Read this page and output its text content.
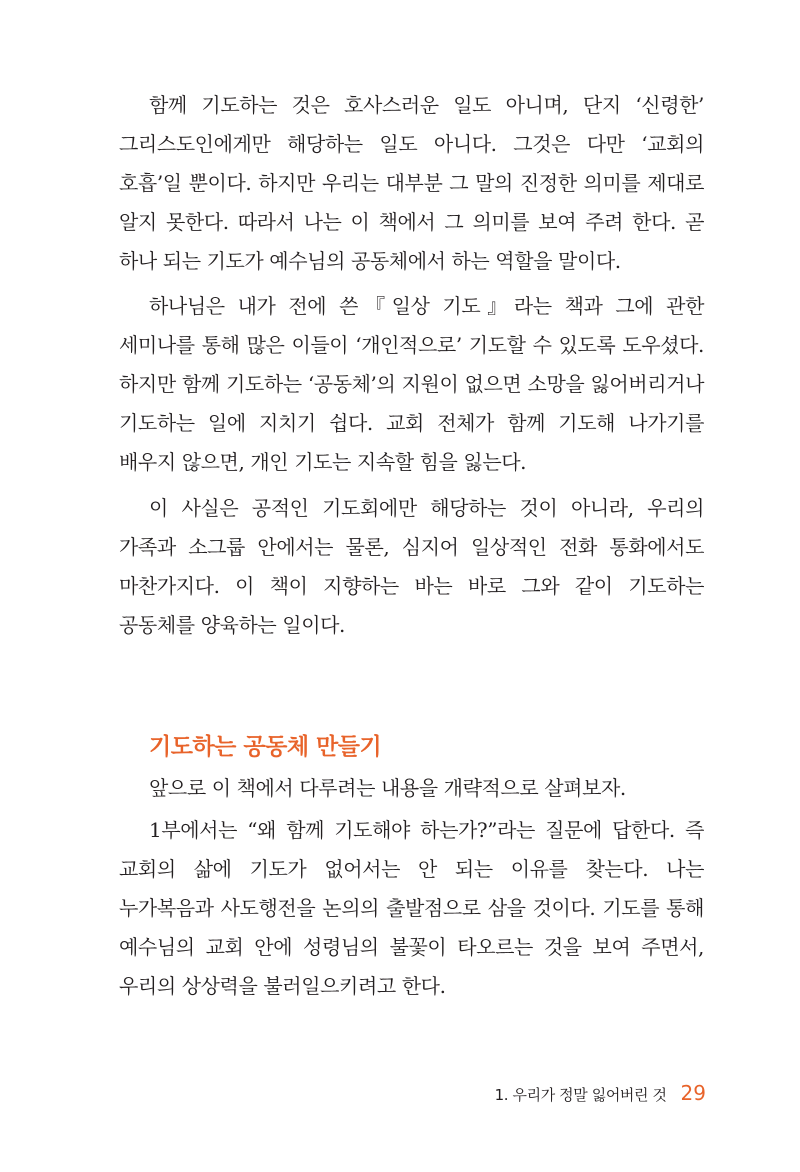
함께 기도하는 것은 호사스러운 일도 아니며, 단지 ‘신령한’ 그리스도인에게만 해당하는 일도 아니다. 그것은 다만 ‘교회의 호흡’일 뿐이다. 하지만 우리는 대부분 그 말의 진정한 의미를 제대로 알지 못한다. 따라서 나는 이 책에서 그 의미를 보여 주려 한다. 곧 하나 되는 기도가 예수님의 공동체에서 하는 역할을 말이다.

하나님은 내가 전에 쓴『일상 기도』라는 책과 그에 관한 세미나를 통해 많은 이들이 ‘개인적으로’ 기도할 수 있도록 도우셨다. 하지만 함께 기도하는 ‘공동체’의 지원이 없으면 소망을 잃어버리거나 기도하는 일에 지치기 쉽다. 교회 전체가 함께 기도해 나가기를 배우지 않으면, 개인 기도는 지속할 힘을 잃는다.

이 사실은 공적인 기도회에만 해당하는 것이 아니라, 우리의 가족과 소그룹 안에서는 물론, 심지어 일상적인 전화 통화에서도 마찬가지다. 이 책이 지향하는 바는 바로 그와 같이 기도하는 공동체를 양육하는 일이다.

기도하는 공동체 만들기

앞으로 이 책에서 다루려는 내용을 개략적으로 살펴보자.

1부에서는 “왜 함께 기도해야 하는가?”라는 질문에 답한다. 즉 교회의 삶에 기도가 없어서는 안 되는 이유를 찾는다. 나는 누가복음과 사도행전을 논의의 출발점으로 삼을 것이다. 기도를 통해 예수님의 교회 안에 성령님의 불꽃이 타오르는 것을 보여 주면서, 우리의 상상력을 불러일으키려고 한다.

1. 우리가 정말 잃어버린 것 29
